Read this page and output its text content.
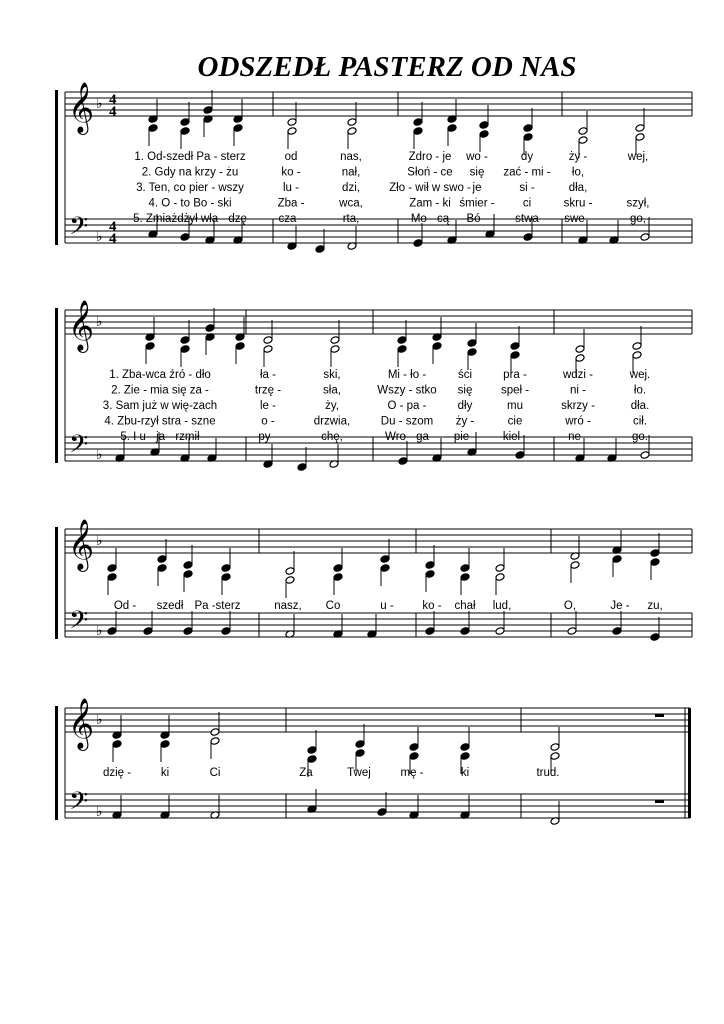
ODSZEDŁ PASTERZ OD NAS
𝄞
𝄢
♭
♭
4
4
4
4
1. Od-szedł Pa - sterz	od	nas,	Zdro - je wo -	dy	ży -	wej,
2. Gdy na krzy - żu	ko -	nał,	Słoń - ce się zać - mi - ło,
3. Ten, co pier - wszy	lu -	dzi,	Zło - wił w swo - je	si -	dła,
4. O - to Bo - ski	Zba -	wca,	Zam - ki śmier - ci	skru -	szył,
5. Zmiażdżył wła - dzę	cza -	rta,	Mo - cą Bó - stwa swe -	go,
𝄞
𝄢
♭
♭
1. Zba-wca źró - dło	ła -	ski,	Mi - ło -	ści	pra -	wdzi -	wej.
2. Zie - mia się za -	trzę -	sła,	Wszy - stko się speł -	ni -	ło.
3. Sam już w wię-zach	le -	ży,	O - pa -	dły	mu	skrzy -	dła.
4. Zbu-rzył stra - szne	o -	drzwia,	Du - szom ży -	cie	wró -	cił.
5. I u - ja - rzmił	py -	chę,	Wro - ga pie - kiel -	ne -	go.
𝄞
𝄢
♭
♭
Od - szedł Pa - sterz	nasz, Co	u - ko - chał lud,	O,	Je - zu,
𝄞
𝄢
♭
♭
dzię -	ki	Ci	Za	Twej	mę -	ki	trud.
